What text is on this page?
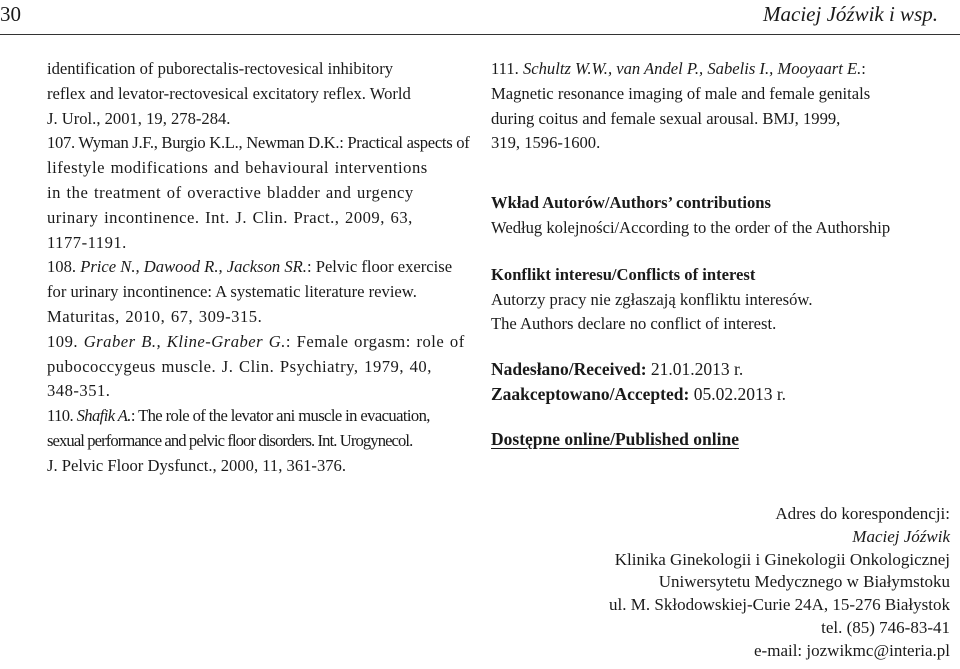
30	Maciej Jóźwik i wsp.

identification of puborectalis-rectovesical inhibitory
reflex and levator-rectovesical excitatory reflex. World
J. Urol., 2001, 19, 278-284.

107. Wyman J.F., Burgio K.L., Newman D.K.: Practical aspects of
lifestyle modifications and behavioural interventions
in the treatment of overactive bladder and urgency
urinary incontinence. Int. J. Clin. Pract., 2009, 63,
1177-1191.

108. Price N., Dawood R., Jackson SR.: Pelvic floor exercise
for urinary incontinence: A systematic literature review.
Maturitas, 2010, 67, 309-315.

109. Graber B., Kline-Graber G.: Female orgasm: role of
pubococcygeus muscle. J. Clin. Psychiatry, 1979, 40,
348-351.

110. Shafik A.: The role of the levator ani muscle in evacuation,
sexual performance and pelvic floor disorders. Int. Urogynecol.
J. Pelvic Floor Dysfunct., 2000, 11, 361-376.

111. Schultz W.W., van Andel P., Sabelis I., Mooyaart E.:
Magnetic resonance imaging of male and female genitals
during coitus and female sexual arousal. BMJ, 1999,
319, 1596-1600.

Wkład Autorów/Authors’ contributions
Według kolejności/According to the order of the Authorship
Konflikt interesu/Conflicts of interest
Autorzy pracy nie zgłaszają konfliktu interesów.
The Authors declare no conflict of interest.
Nadesłano/Received: 21.01.2013 r.
Zaakceptowano/Accepted: 05.02.2013 r.
Dostępne online/Published online
Adres do korespondencji:
Maciej Jóźwik
Klinika Ginekologii i Ginekologii Onkologicznej
Uniwersytetu Medycznego w Białymstoku
ul. M. Skłodowskiej-Curie 24A, 15-276 Białystok
tel. (85) 746-83-41
e-mail: jozwikmc@interia.pl
